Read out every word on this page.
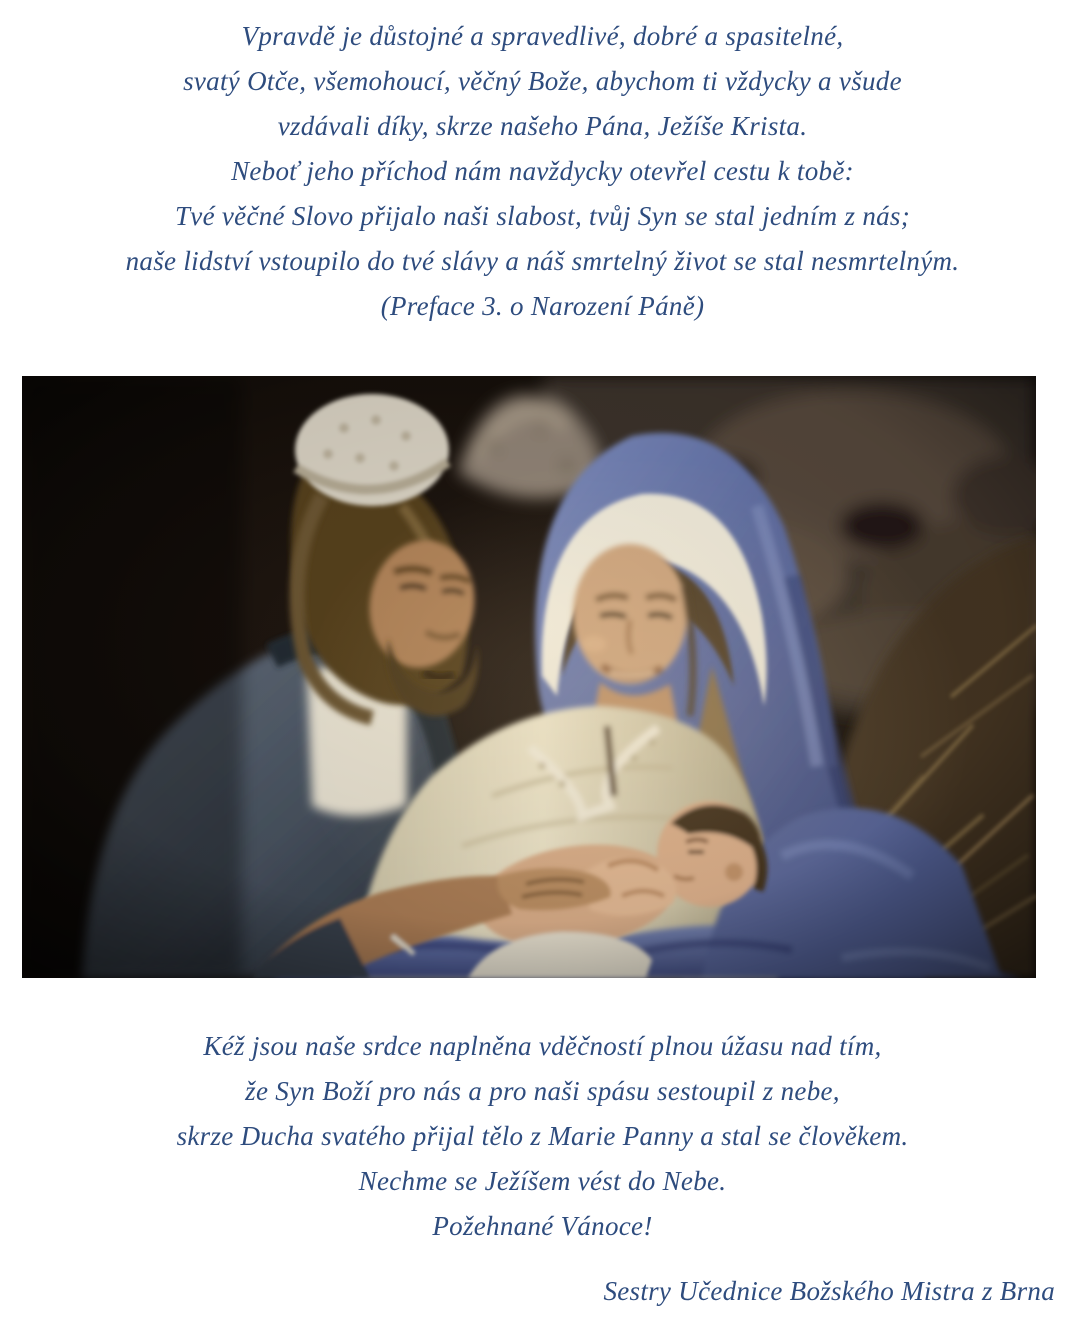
Vpravdě je důstojné a spravedlivé, dobré a spasitelné,

svatý Otče, všemohoucí, věčný Bože, abychom ti vždycky a všude

vzdávali díky, skrze našeho Pána, Ježíše Krista.

Neboť jeho příchod nám navždycky otevřel cestu k tobě:

Tvé věčné Slovo přijalo naši slabost, tvůj Syn se stal jedním z nás;

naše lidství vstoupilo do tvé slávy a náš smrtelný život se stal nesmrtelným.

(Preface 3. o Narození Páně)

Kéž jsou naše srdce naplněna vděčností plnou úžasu nad tím,

že Syn Boží pro nás a pro naši spásu sestoupil z nebe,

skrze Ducha svatého přijal tělo z Marie Panny a stal se člověkem.

Nechme se Ježíšem vést do Nebe.

Požehnané Vánoce!

Sestry Učednice Božského Mistra z Brna
